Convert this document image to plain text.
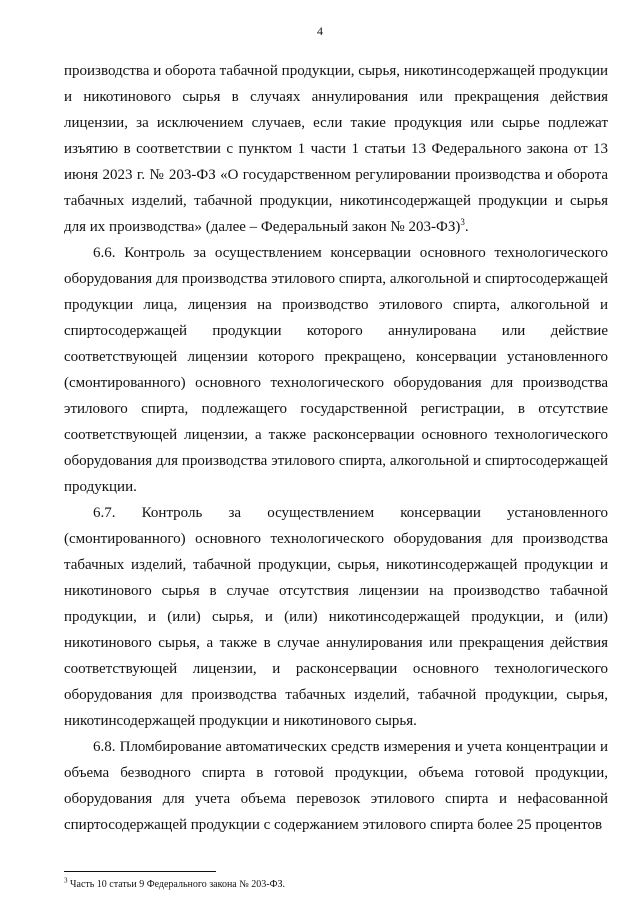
4

производства и оборота табачной продукции, сырья, никотинсодержащей продукции и никотинового сырья в случаях аннулирования или прекращения действия лицензии, за исключением случаев, если такие продукция или сырье подлежат изъятию в соответствии с пунктом 1 части 1 статьи 13 Федерального закона от 13 июня 2023 г. № 203-ФЗ «О государственном регулировании производства и оборота табачных изделий, табачной продукции, никотинсодержащей продукции и сырья для их производства» (далее – Федеральный закон № 203-ФЗ)$^3$.

6.6. Контроль за осуществлением консервации основного технологического оборудования для производства этилового спирта, алкогольной и спиртосодержащей продукции лица, лицензия на производство этилового спирта, алкогольной и спиртосодержащей продукции которого аннулирована или действие соответствующей лицензии которого прекращено, консервации установленного (смонтированного) основного технологического оборудования для производства этилового спирта, подлежащего государственной регистрации, в отсутствие соответствующей лицензии, а также расконсервации основного технологического оборудования для производства этилового спирта, алкогольной и спиртосодержащей продукции.

6.7. Контроль за осуществлением консервации установленного (смонтированного) основного технологического оборудования для производства табачных изделий, табачной продукции, сырья, никотинсодержащей продукции и никотинового сырья в случае отсутствия лицензии на производство табачной продукции, и (или) сырья, и (или) никотинсодержащей продукции, и (или) никотинового сырья, а также в случае аннулирования или прекращения действия соответствующей лицензии, и расконсервации основного технологического оборудования для производства табачных изделий, табачной продукции, сырья, никотинсодержащей продукции и никотинового сырья.

6.8. Пломбирование автоматических средств измерения и учета концентрации и объема безводного спирта в готовой продукции, объема готовой продукции, оборудования для учета объема перевозок этилового спирта и нефасованной спиртосодержащей продукции с содержанием этилового спирта более 25 процентов

$^3$ Часть 10 статьи 9 Федерального закона № 203-ФЗ.
